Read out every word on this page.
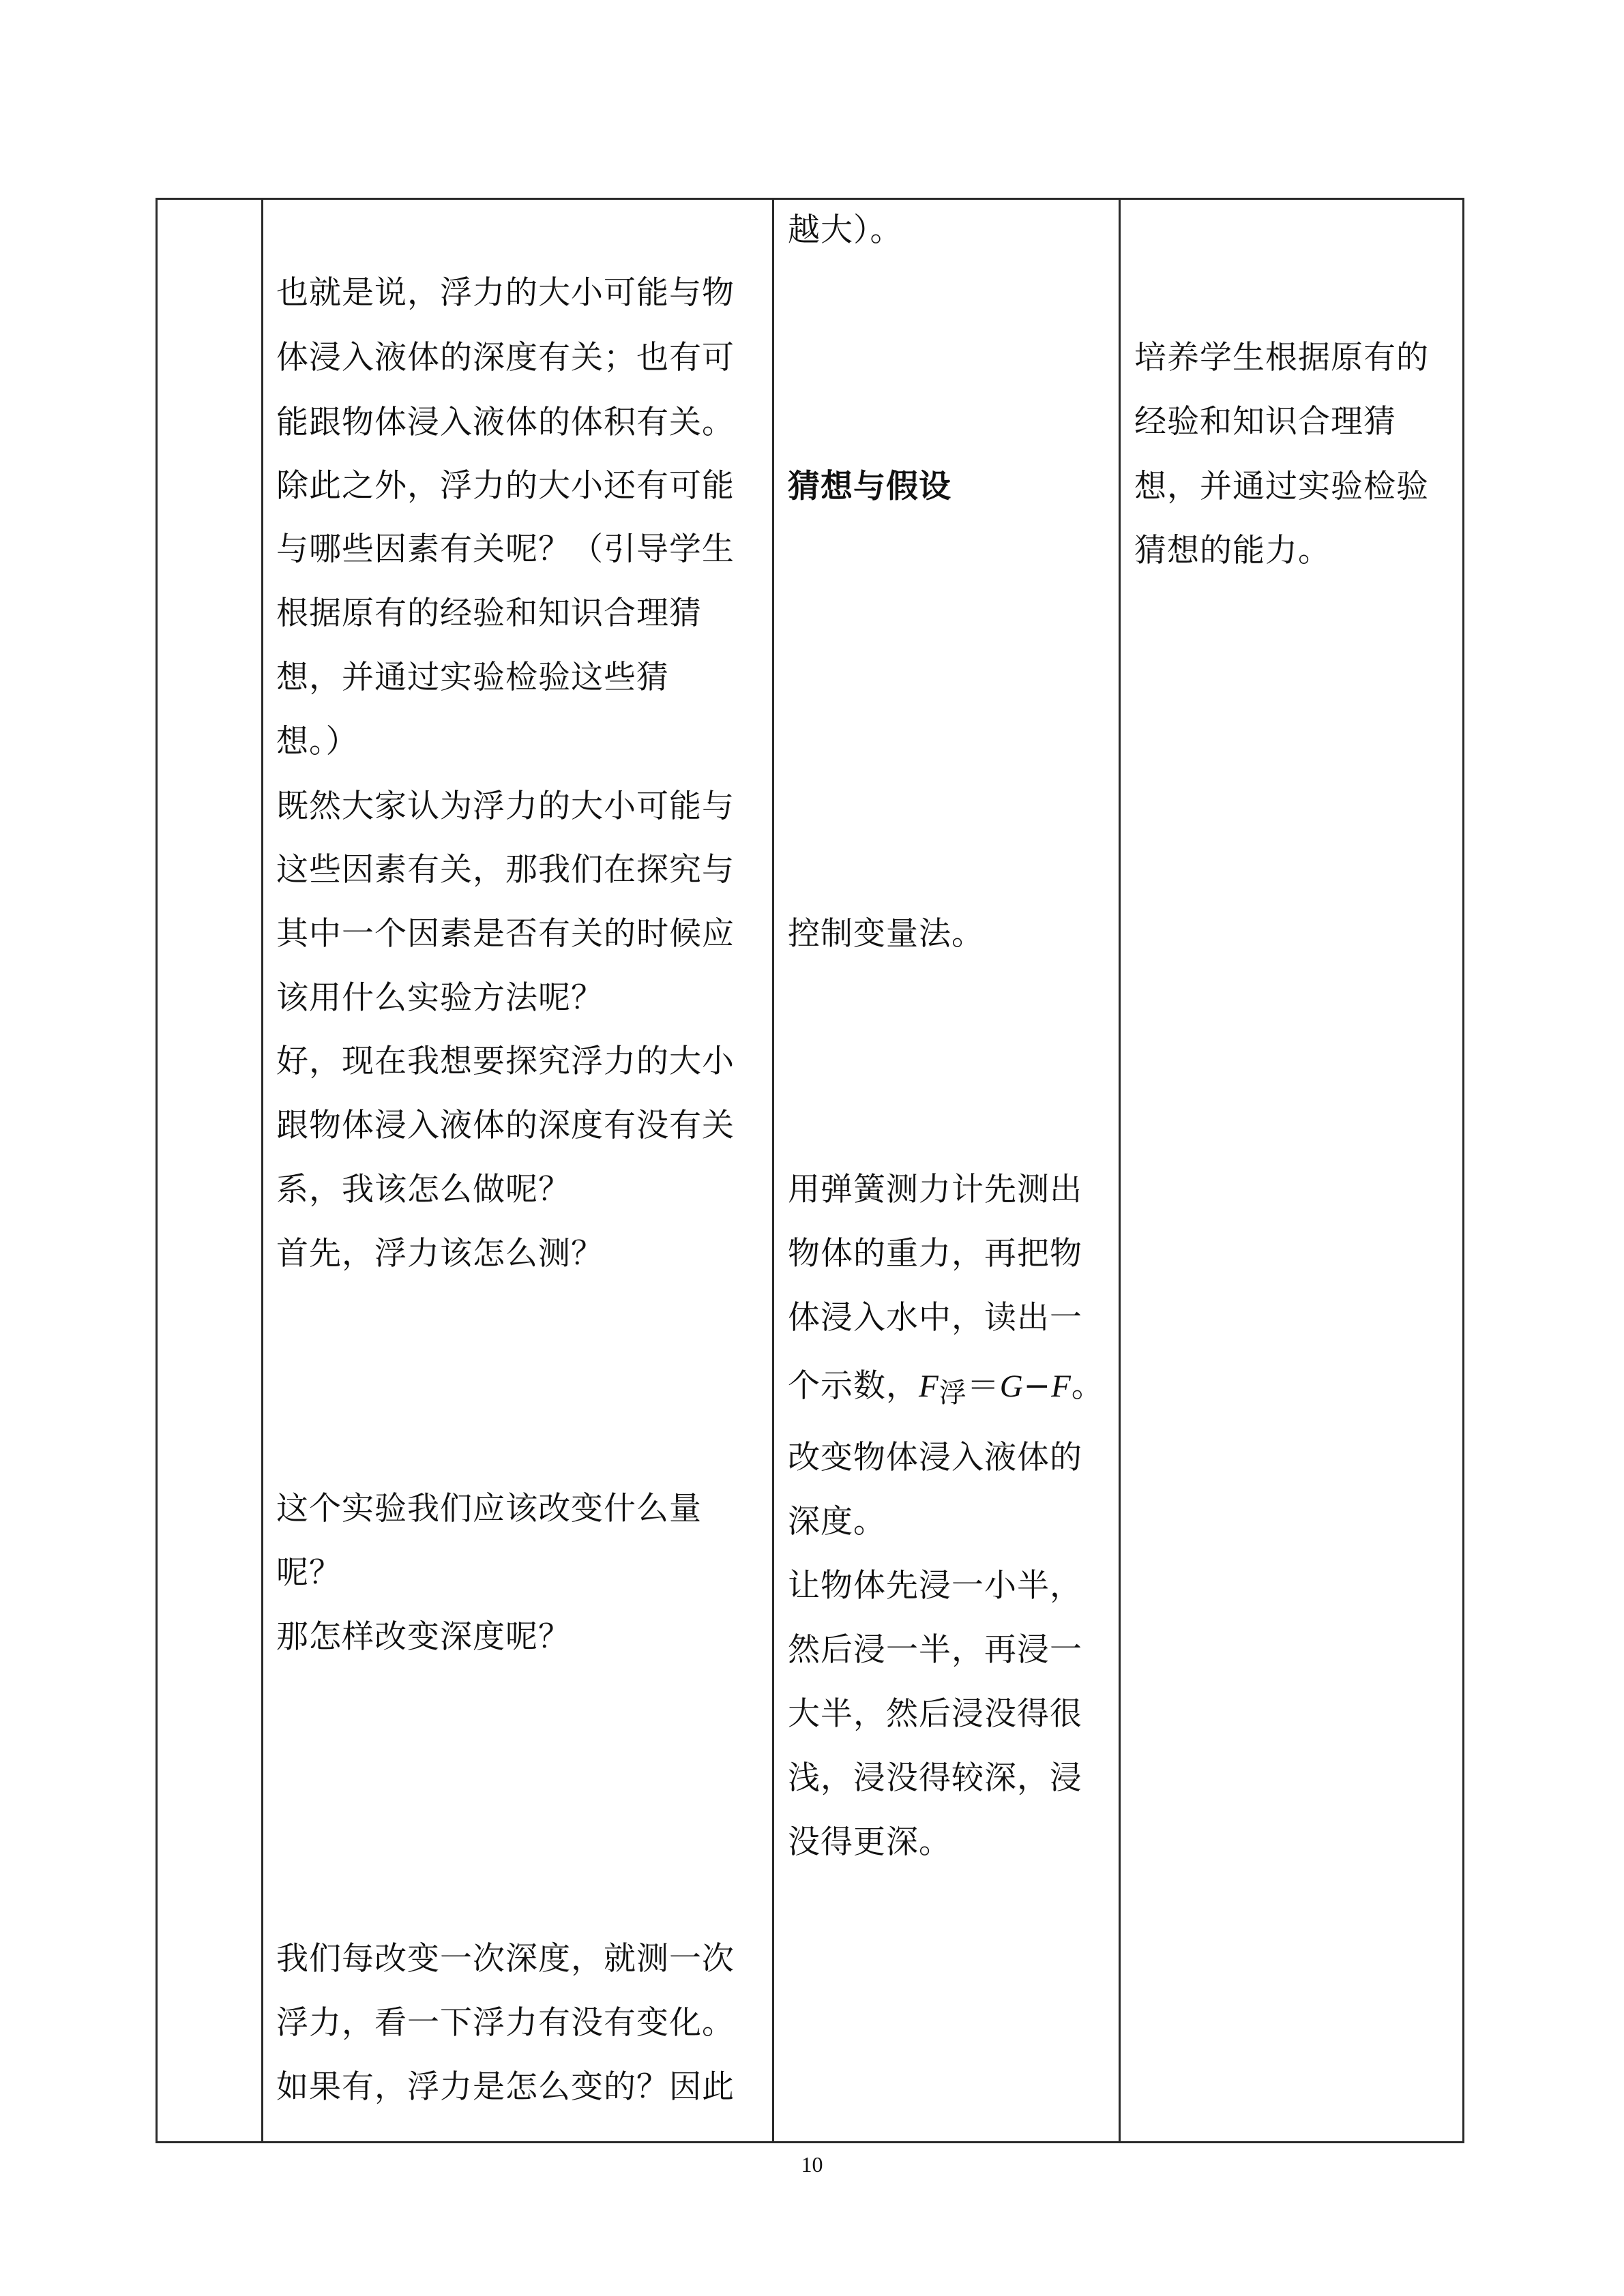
也就是说，浮力的大小可能与物
体浸入液体的深度有关；也有可
能跟物体浸入液体的体积有关。
除此之外，浮力的大小还有可能
与哪些因素有关呢？（引导学生
根据原有的经验和知识合理猜
想，并通过实验检验这些猜
想。）
既然大家认为浮力的大小可能与
这些因素有关，那我们在探究与
其中一个因素是否有关的时候应
该用什么实验方法呢？
好，现在我想要探究浮力的大小
跟物体浸入液体的深度有没有关
系，我该怎么做呢？
首先，浮力该怎么测？
这个实验我们应该改变什么量
呢？
那怎样改变深度呢？
我们每改变一次深度，就测一次
浮力，看一下浮力有没有变化。
如果有，浮力是怎么变的？因此
越大）。
猜想与假设
控制变量法。
用弹簧测力计先测出
物体的重力，再把物
体浸入水中，读出一
个示数，F浮＝G−F。
改变物体浸入液体的
深度。
让物体先浸一小半，
然后浸一半，再浸一
大半，然后浸没得很
浅，浸没得较深，浸
没得更深。
培养学生根据原有的
经验和知识合理猜
想，并通过实验检验
猜想的能力。
10
